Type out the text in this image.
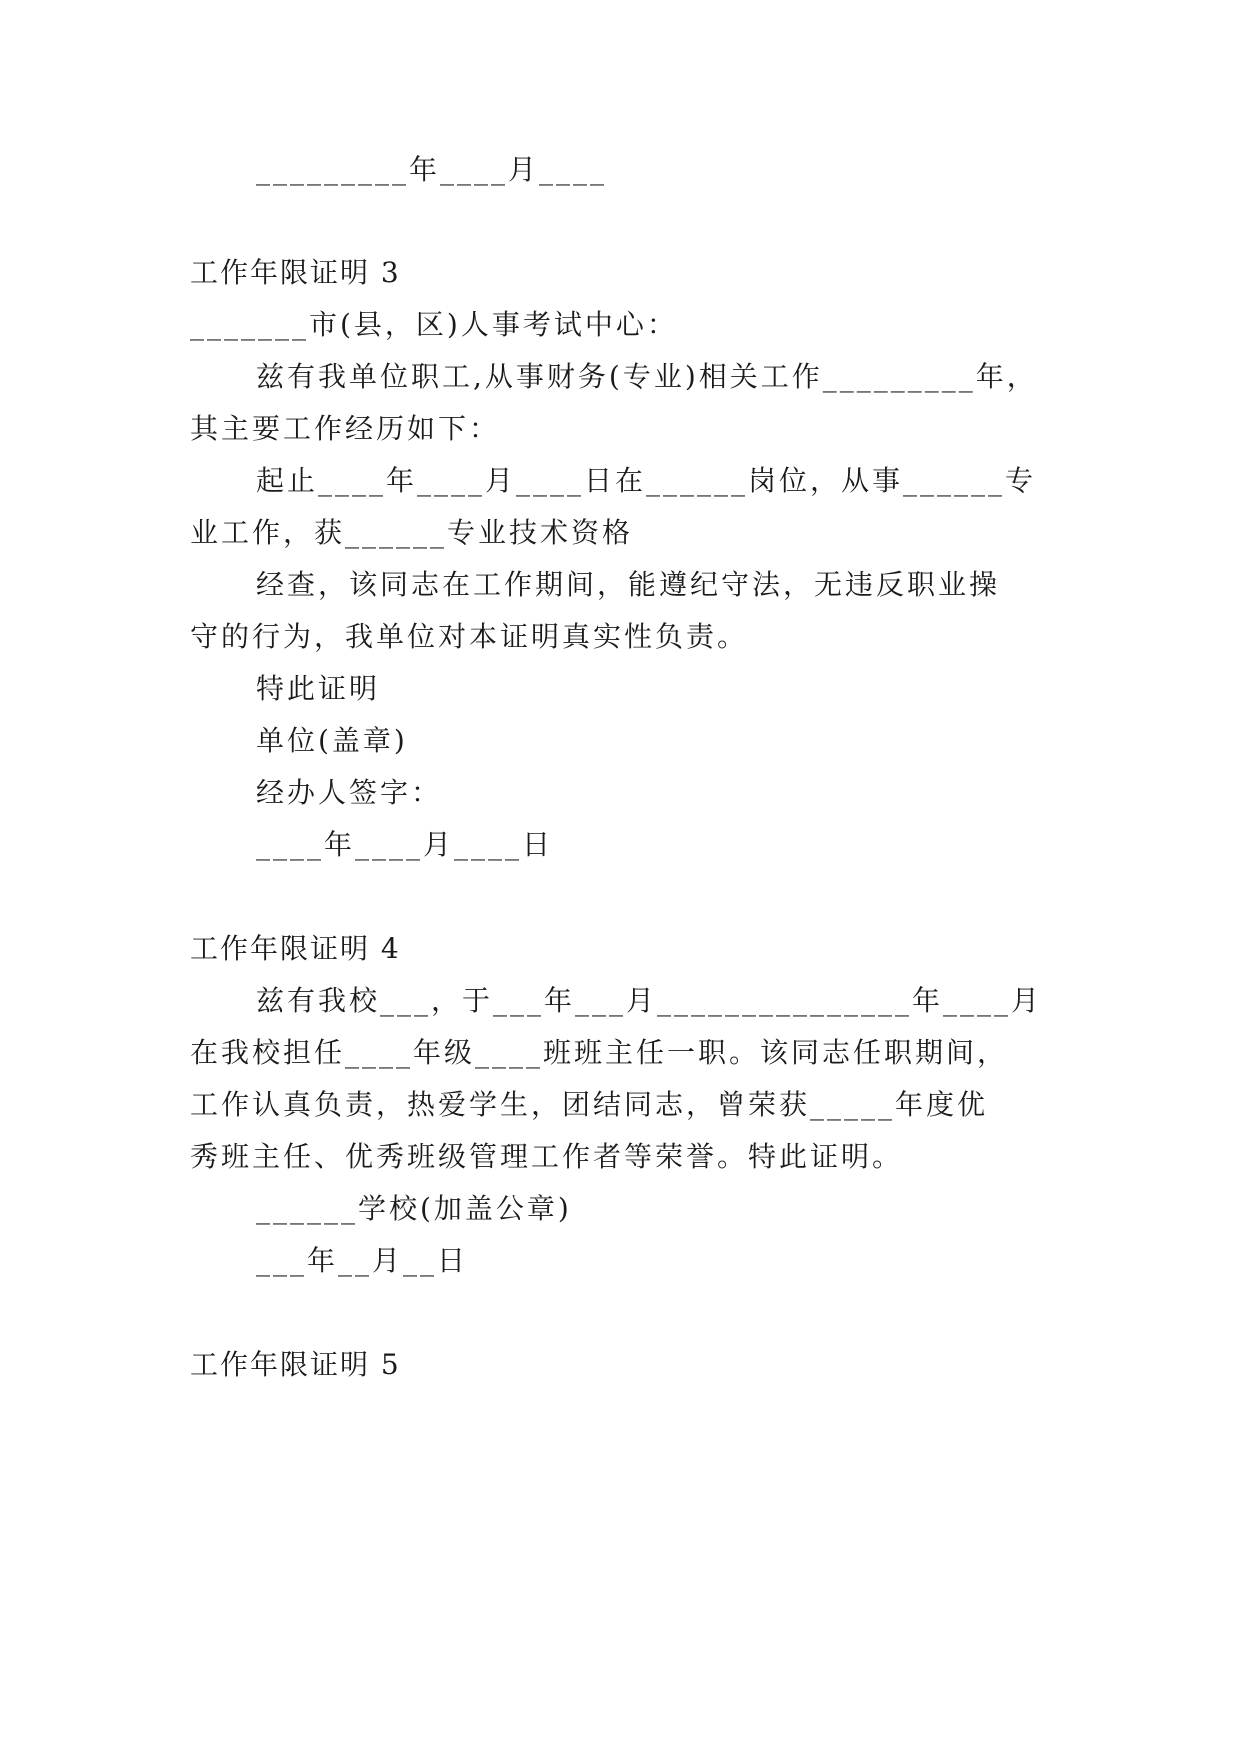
_________年____月____
工作年限证明 3
_______市(县，区)人事考试中心：
兹有我单位职工,从事财务(专业)相关工作_________年，
其主要工作经历如下：
起止____年____月____日在______岗位，从事______专
业工作，获______专业技术资格
经查，该同志在工作期间，能遵纪守法，无违反职业操
守的行为，我单位对本证明真实性负责。
特此证明
单位(盖章)
经办人签字：
____年____月____日
工作年限证明 4
兹有我校___，于___年___月_______________年____月
在我校担任____年级____班班主任一职。该同志任职期间，
工作认真负责，热爱学生，团结同志，曾荣获_____年度优
秀班主任、优秀班级管理工作者等荣誉。特此证明。
______学校(加盖公章)
___年__月__日
工作年限证明 5
